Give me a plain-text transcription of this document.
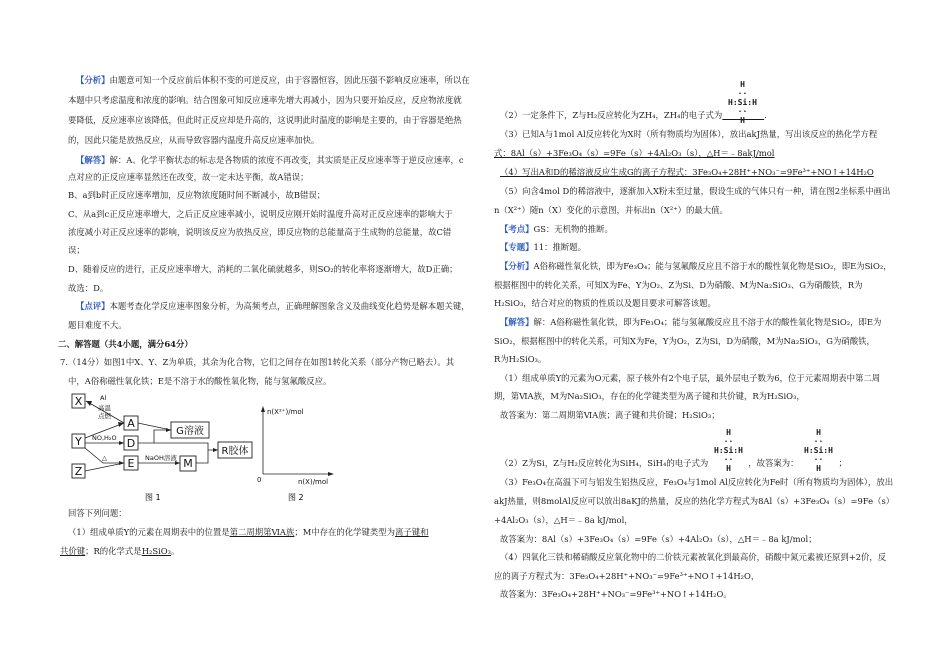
【分析】由题意可知一个反应前后体积不变的可逆反应，由于容器恒容，因此压强不影响反应速率，所以在
本题中只考虑温度和浓度的影响。结合图象可知反应速率先增大再减小，因为只要开始反应，反应物浓度就
要降低，反应速率应该降低，但此时正反应却是升高的，这说明此时温度的影响是主要的，由于容器是绝热
的，因此只能是放热反应，从而导致容器内温度升高反应速率加快。
【解答】解：A、化学平衡状态的标志是各物质的浓度不再改变，其实质是正反应速率等于逆反应速率，c
点对应的正反应速率显然还在改变，故一定未达平衡，故A错误；
B、a到b时正反应速率增加，反应物浓度随时间不断减小，故B错误；
C、从a到c正反应速率增大，之后正反应速率减小，说明反应刚开始时温度升高对正反应速率的影响大于
浓度减小对正反应速率的影响，说明该反应为放热反应，即反应物的总能量高于生成物的总能量，故C错
误；
D、随着反应的进行，正反应速率增大，消耗的二氧化硫就越多，则SO₂的转化率将逐渐增大，故D正确；
故选：D。
【点评】本题考查化学反应速率图象分析，为高频考点，正确理解图象含义及曲线变化趋势是解本题关键，
题目难度不大。
二、解答题（共4小题，满分64分）
7.（14分）如图1中X、Y、Z为单质，其余为化合物，它们之间存在如图1转化关系（部分产物已略去）。其
中，A俗称磁性氧化铁；E是不溶于水的酸性氧化物，能与氢氟酸反应。
X
Y
Z
A
D
E
G溶液
M
R胶体
Al
高温
点燃
NO,H₂O
△	NaOH溶液
图 1
n(X²⁺)/mol
n(X)/mol
0
图 2
回答下列问题：
（1）组成单质Y的元素在周期表中的位置是第二周期第ⅥA族；M中存在的化学键类型为离子键和
共价键；R的化学式是H₂SiO₃。
H
··
H:Si:H
··
H
（2）一定条件下，Z与H₂反应转化为ZH₄，ZH₄的电子式为     	.
（3）已知A与1mol Al反应转化为X时（所有物质均为固体），放出akJ热量，写出该反应的热化学方程
式：8Al（s）+3Fe₃O₄（s）=9Fe（s）+4Al₂O₃（s），△H＝﹣8akJ/mol
（4）写出A和D的稀溶液反应生成G的离子方程式：3Fe₃O₄+28H⁺+NO₃⁻=9Fe³⁺+NO↑+14H₂O
（5）向含4mol D的稀溶液中，逐渐加入X粉末至过量，假设生成的气体只有一种，请在图2坐标系中画出
n（X²⁺）随n（X）变化的示意图，并标出n（X²⁺）的最大值。
【考点】GS：无机物的推断。
【专题】11：推断题。
【分析】A俗称磁性氧化铁，即为Fe₃O₄；能与氢氟酸反应且不溶于水的酸性氧化物是SiO₂，即E为SiO₂，
根据框图中的转化关系，可知X为Fe、Y为O₂、Z为Si、D为硝酸、M为Na₂SiO₃、G为硝酸铁，R为
H₂SiO₃，结合对应的物质的性质以及题目要求可解答该题。
【解答】解：A俗称磁性氧化铁，即为Fe₃O₄；能与氢氟酸反应且不溶于水的酸性氧化物是SiO₂，即E为
SiO₂，根据框图中的转化关系，可知X为Fe，Y为O₂，Z为Si，D为硝酸，M为Na₂SiO₃，G为硝酸铁，
R为H₂SiO₃。
（1）组成单质Y的元素为O元素，原子核外有2个电子层，最外层电子数为6，位于元素周期表中第二周
期，第ⅥA族，M为Na₂SiO₃，存在的化学键类型为离子键和共价键，R为H₂SiO₃，
故答案为：第二周期第ⅥA族；离子键和共价键；H₂SiO₃；
H
··
H:Si:H
··
H
H
··
H:Si:H
··
H
（2）Z为Si，Z与H₂反应转化为SiH₄，SiH₄的电子式为	，故答案为：	；
（3）Fe₃O₄在高温下可与铝发生铝热反应，Fe₃O₄与1mol Al反应转化为Fe时（所有物质均为固体），放出
akJ热量，则8molAl反应可以放出8aKJ的热量，反应的热化学方程式为8Al（s）+3Fe₃O₄（s）=9Fe（s）
+4Al₂O₃（s），△H＝﹣8a kJ/mol，
故答案为：8Al（s）+3Fe₃O₄（s）=9Fe（s）+4Al₂O₃（s），△H＝﹣8a kJ/mol；
（4）四氧化三铁和稀硝酸反应氧化物中的二价铁元素被氧化到最高价，硝酸中氮元素被还原到+2价，反
应的离子方程式为：3Fe₃O₄+28H⁺+NO₃⁻=9Fe³⁺+NO↑+14H₂O，
故答案为：3Fe₃O₄+28H⁺+NO₃⁻=9Fe³⁺+NO↑+14H₂O。
